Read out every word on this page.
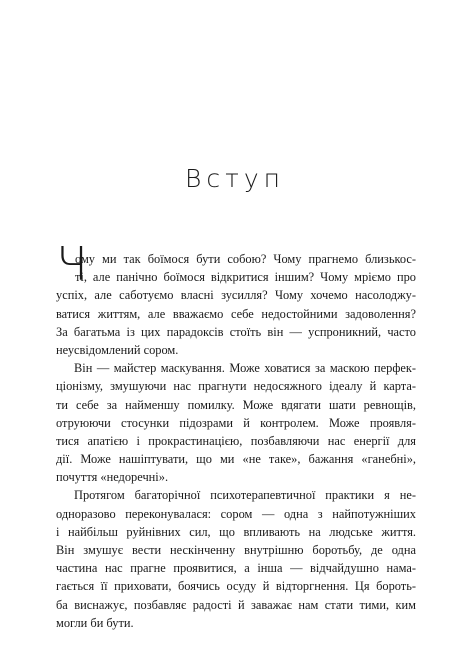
Вступ
Ч
ому ми так боїмося бути собою? Чому прагнемо близькос-
ті, але панічно боїмося відкритися іншим? Чому мріємо про
успіх, але саботуємо власні зусилля? Чому хочемо насолоджу-
ватися життям, але вважаємо себе недостойними задоволення?
За багатьма із цих парадоксів стоїть він — успроникний, часто
неусвідомлений сором.
Він — майстер маскування. Може ховатися за маскою перфек-
ціонізму, змушуючи нас прагнути недосяжного ідеалу й карта-
ти себе за найменшу помилку. Може вдягати шати ревнощів,
отруюючи стосунки підозрами й контролем. Може проявля-
тися апатією і прокрастинацією, позбавляючи нас енергії для
дії. Може нашіптувати, що ми «не таке», бажання «ганебні»,
почуття «недоречні».
Протягом багаторічної психотерапевтичної практики я не-
одноразово переконувалася: сором — одна з найпотужніших
і найбільш руйнівних сил, що впливають на людське життя.
Він змушує вести нескінченну внутрішню боротьбу, де одна
частина нас прагне проявитися, а інша — відчайдушно нама-
гається її приховати, боячись осуду й відторгнення. Ця бороть-
ба виснажує, позбавляє радості й заважає нам стати тими, ким
могли би бути.
